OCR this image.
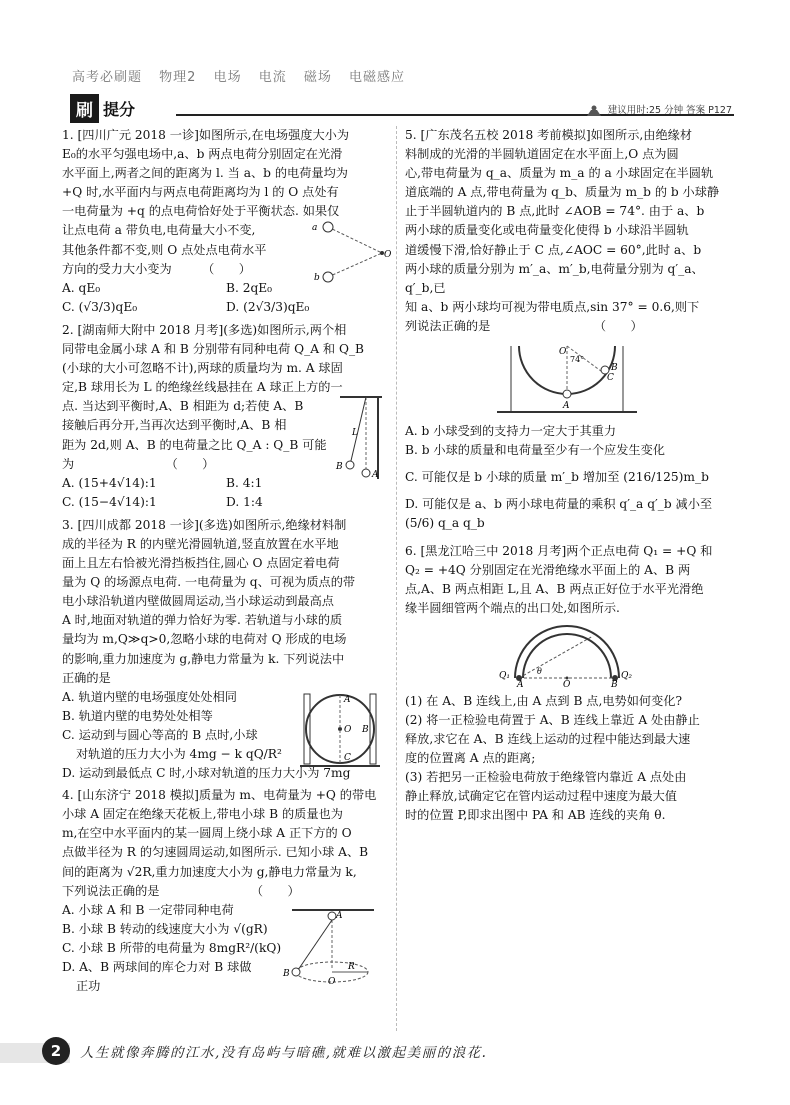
高考必刷题 物理2 电场 电流 磁场 电磁感应
刷 提分	建议用时:25 分钟 答案 P127

1. [四川广元 2018 一诊]如图所示,在电场强度大小为

E₀的水平匀强电场中,a、b 两点电荷分别固定在光滑

水平面上,两者之间的距离为 l. 当 a、b 的电荷量均为

+Q 时,水平面内与两点电荷距离均为 l 的 O 点处有

一电荷量为 +q 的点电荷恰好处于平衡状态. 如果仅

让点电荷 a 带负电,电荷量大小不变,

其他条件都不变,则 O 点处点电荷水平

方向的受力大小变为　　　（　　）

a
b
O
A. qE₀	B. 2qE₀
C. (√3/3)qE₀	D. (2√3/3)qE₀

2. [湖南师大附中 2018 月考](多选)如图所示,两个相

同带电金属小球 A 和 B 分别带有同种电荷 Q_A 和 Q_B

(小球的大小可忽略不计),两球的质量均为 m. A 球固

定,B 球用长为 L 的绝缘丝线悬挂在 A 球正上方的一

点. 当达到平衡时,A、B 相距为 d;若使 A、B

接触后再分开,当再次达到平衡时,A、B 相

距为 2d,则 A、B 的电荷量之比 Q_A : Q_B 可能

为　　　　　　　　（　　）

A. (15+4√14):1	B. 4:1
C. (15−4√14):1	D. 1:4
L
B
A

3. [四川成都 2018 一诊](多选)如图所示,绝缘材料制

成的半径为 R 的内壁光滑圆轨道,竖直放置在水平地

面上且左右恰被光滑挡板挡住,圆心 O 点固定着电荷

量为 Q 的场源点电荷. 一电荷量为 q、可视为质点的带

电小球沿轨道内壁做圆周运动,当小球运动到最高点

A 时,地面对轨道的弹力恰好为零. 若轨道与小球的质

量均为 m,Q≫q>0,忽略小球的电荷对 Q 形成的电场

的影响,重力加速度为 g,静电力常量为 k. 下列说法中

正确的是

A. 轨道内壁的电场强度处处相同

B. 轨道内壁的电势处处相等

C. 运动到与圆心等高的 B 点时,小球

对轨道的压力大小为 4mg − k qQ/R²

D. 运动到最低点 C 时,小球对轨道的压力大小为 7mg

A
O B
C

4. [山东济宁 2018 模拟]质量为 m、电荷量为 +Q 的带电

小球 A 固定在绝缘天花板上,带电小球 B 的质量也为

m,在空中水平面内的某一圆周上绕小球 A 正下方的 O

点做半径为 R 的匀速圆周运动,如图所示. 已知小球 A、B

间的距离为 √2R,重力加速度大小为 g,静电力常量为 k,

下列说法正确的是　　　　　　　　（　　）

A. 小球 A 和 B 一定带同种电荷

B. 小球 B 转动的线速度大小为 √(gR)

C. 小球 B 所带的电荷量为 8mgR²/(kQ)

D. A、B 两球间的库仑力对 B 球做

正功

A
B
O
R

5. [广东茂名五校 2018 考前模拟]如图所示,由绝缘材

料制成的光滑的半圆轨道固定在水平面上,O 点为圆

心,带电荷量为 q_a、质量为 m_a 的 a 小球固定在半圆轨

道底端的 A 点,带电荷量为 q_b、质量为 m_b 的 b 小球静

止于半圆轨道内的 B 点,此时 ∠AOB = 74°. 由于 a、b

两小球的质量变化或电荷量变化使得 b 小球沿半圆轨

道缓慢下滑,恰好静止于 C 点,∠AOC = 60°,此时 a、b

两小球的质量分别为 m′_a、m′_b,电荷量分别为 q′_a、q′_b,已

知 a、b 两小球均可视为带电质点,sin 37° = 0.6,则下

列说法正确的是　　　　　　　　　（　　）

O
74°
B
C
A

A. b 小球受到的支持力一定大于其重力

B. b 小球的质量和电荷量至少有一个应发生变化

C. 可能仅是 b 小球的质量 m′_b 增加至 (216/125)m_b

D. 可能仅是 a、b 两小球电荷量的乘积 q′_a q′_b 减小至

(5/6) q_a q_b

6. [黑龙江哈三中 2018 月考]两个正点电荷 Q₁ = +Q 和

Q₂ = +4Q 分别固定在光滑绝缘水平面上的 A、B 两

点,A、B 两点相距 L,且 A、B 两点正好位于水平光滑绝

缘半圆细管两个端点的出口处,如图所示.

Q₁
A	O	B
Q₂
θ

(1) 在 A、B 连线上,由 A 点到 B 点,电势如何变化?

(2) 将一正检验电荷置于 A、B 连线上靠近 A 处由静止

释放,求它在 A、B 连线上运动的过程中能达到最大速

度的位置离 A 点的距离;

(3) 若把另一正检验电荷放于绝缘管内靠近 A 点处由

静止释放,试确定它在管内运动过程中速度为最大值

时的位置 P,即求出图中 PA 和 AB 连线的夹角 θ.

2	人生就像奔腾的江水,没有岛屿与暗礁,就难以激起美丽的浪花.
